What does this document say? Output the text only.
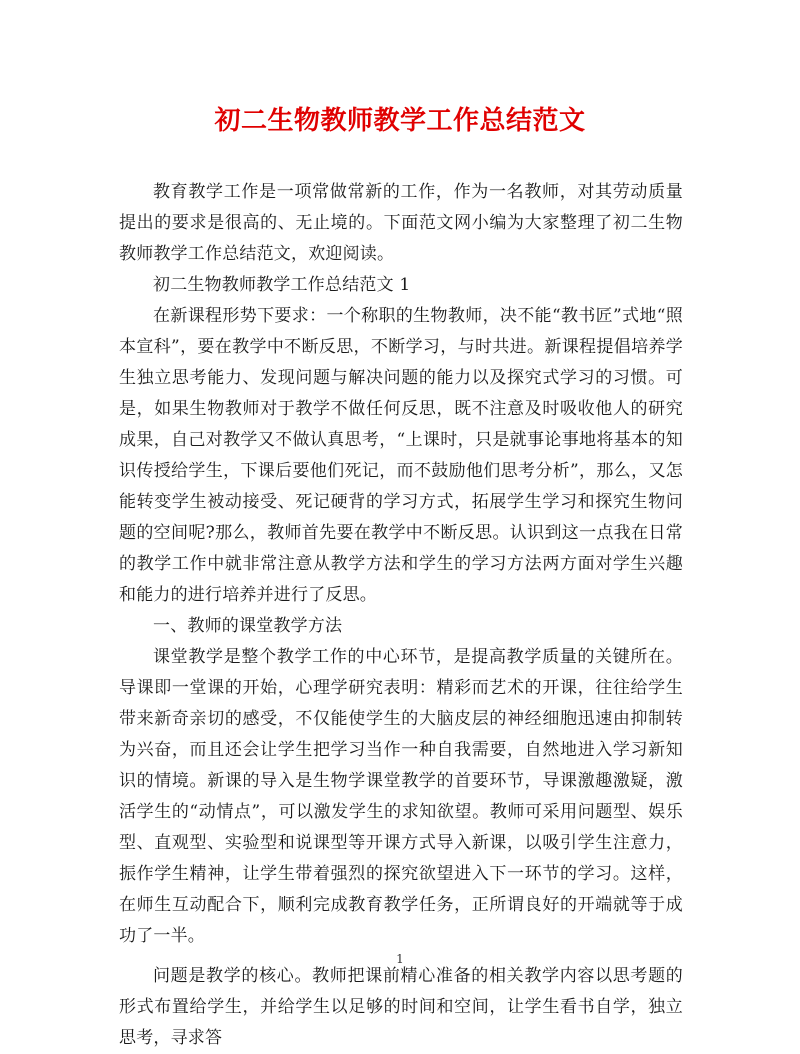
初二生物教师教学工作总结范文

教育教学工作是一项常做常新的工作，作为一名教师，对其劳动质量提出的要求是很高的、无止境的。下面范文网小编为大家整理了初二生物教师教学工作总结范文，欢迎阅读。

初二生物教师教学工作总结范文 1

在新课程形势下要求：一个称职的生物教师，决不能“教书匠”式地“照本宣科”，要在教学中不断反思，不断学习，与时共进。新课程提倡培养学生独立思考能力、发现问题与解决问题的能力以及探究式学习的习惯。可是，如果生物教师对于教学不做任何反思，既不注意及时吸收他人的研究成果，自己对教学又不做认真思考，“上课时，只是就事论事地将基本的知识传授给学生，下课后要他们死记，而不鼓励他们思考分析”，那么，又怎能转变学生被动接受、死记硬背的学习方式，拓展学生学习和探究生物问题的空间呢?那么，教师首先要在教学中不断反思。认识到这一点我在日常的教学工作中就非常注意从教学方法和学生的学习方法两方面对学生兴趣和能力的进行培养并进行了反思。

一、教师的课堂教学方法

课堂教学是整个教学工作的中心环节，是提高教学质量的关键所在。导课即一堂课的开始，心理学研究表明：精彩而艺术的开课，往往给学生带来新奇亲切的感受，不仅能使学生的大脑皮层的神经细胞迅速由抑制转为兴奋，而且还会让学生把学习当作一种自我需要，自然地进入学习新知识的情境。新课的导入是生物学课堂教学的首要环节，导课激趣激疑，激活学生的“动情点”，可以激发学生的求知欲望。教师可采用问题型、娱乐型、直观型、实验型和说课型等开课方式导入新课，以吸引学生注意力，振作学生精神，让学生带着强烈的探究欲望进入下一环节的学习。这样，在师生互动配合下，顺利完成教育教学任务，正所谓良好的开端就等于成功了一半。

问题是教学的核心。教师把课前精心准备的相关教学内容以思考题的形式布置给学生，并给学生以足够的时间和空间，让学生看书自学，独立思考，寻求答

1
